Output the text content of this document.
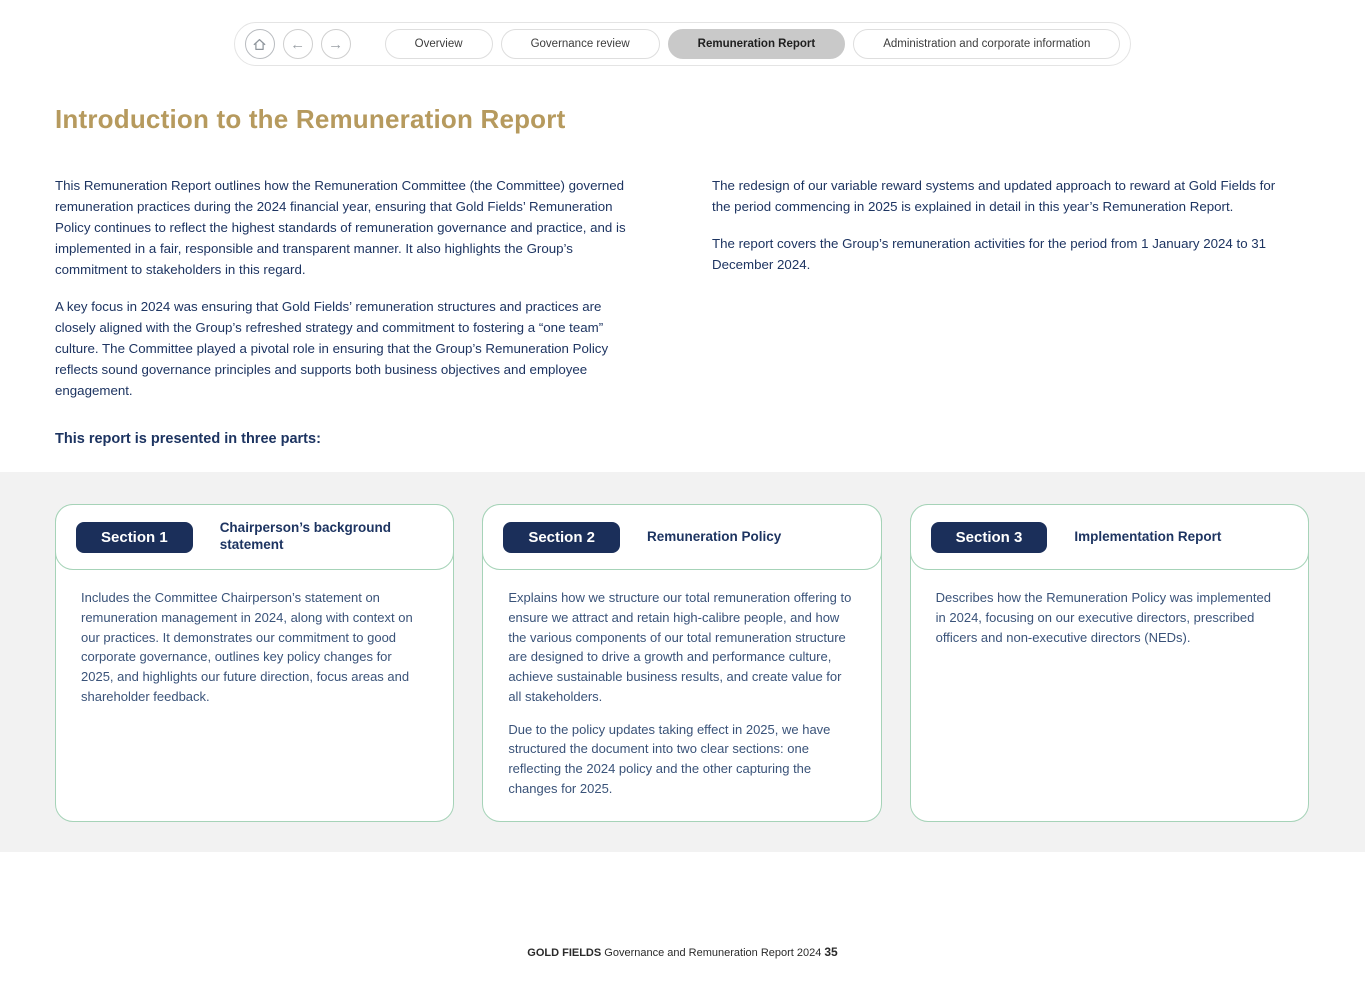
← →	Overview	Governance review	Remuneration Report	Administration and corporate information
Introduction to the Remuneration Report

This Remuneration Report outlines how the Remuneration Committee (the Committee) governed remuneration practices during the 2024 financial year, ensuring that Gold Fields’ Remuneration Policy continues to reflect the highest standards of remuneration governance and practice, and is implemented in a fair, responsible and transparent manner. It also highlights the Group’s commitment to stakeholders in this regard.

A key focus in 2024 was ensuring that Gold Fields’ remuneration structures and practices are closely aligned with the Group’s refreshed strategy and commitment to fostering a “one team” culture. The Committee played a pivotal role in ensuring that the Group’s Remuneration Policy reflects sound governance principles and supports both business objectives and employee engagement.

The redesign of our variable reward systems and updated approach to reward at Gold Fields for the period commencing in 2025 is explained in detail in this year’s Remuneration Report.

The report covers the Group’s remuneration activities for the period from 1 January 2024 to 31 December 2024.

This report is presented in three parts:

Section 1
Chairperson’s background statement

Includes the Committee Chairperson’s statement on remuneration management in 2024, along with context on our practices. It demonstrates our commitment to good corporate governance, outlines key policy changes for 2025, and highlights our future direction, focus areas and shareholder feedback.

Section 2	Remuneration Policy

Explains how we structure our total remuneration offering to ensure we attract and retain high-calibre people, and how the various components of our total remuneration structure are designed to drive a growth and performance culture, achieve sustainable business results, and create value for all stakeholders.

Due to the policy updates taking effect in 2025, we have structured the document into two clear sections: one reflecting the 2024 policy and the other capturing the changes for 2025.

Section 3	Implementation Report

Describes how the Remuneration Policy was implemented in 2024, focusing on our executive directors, prescribed officers and non-executive directors (NEDs).

GOLD FIELDS Governance and Remuneration Report 2024 35
